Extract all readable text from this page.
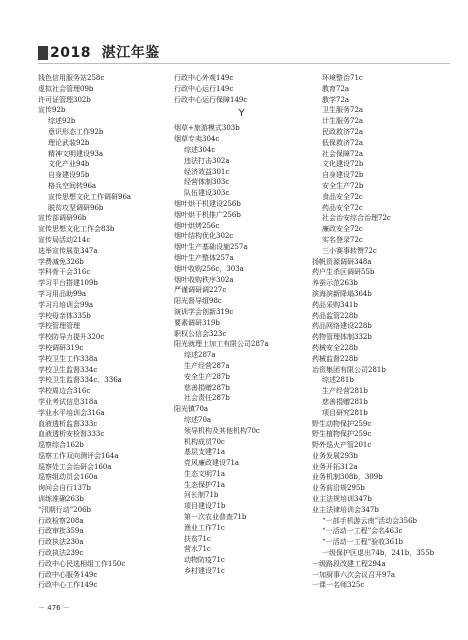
2018 湛江年鉴
钱色信用服务站258c
虚拟社会管理09b
许可证管理302b
宣传92b
综述92b
意识形态工作92b
理论武装92b
精神文明建设93a
文化产业94b
自身建设95b
格兵空间转96a
宣传思想文化工作调研96a
脱贫攻坚调研96b
宣传部调研96b
宣传思想文化工作会83b
宣传局活动214c
选举宣传展览347a
学费减免326b
学科骨干会316c
学习平台搭建109b
学习用品助99a
学习月培训会99a
学校母亲体335b
学校管理管理
学校防导力提升320c
学校调研319c
学校卫生工作338a
学校卫生监督334c
学校卫生监督334c、336a
学校周边合316c
学业考试信息318a
学业水平培训会316a
血液透析监督333c
血液透析安检督333c
巡察综合162b
巡察工作双向测评会164a
巡察处工会治研会160a
巡察组动员会160a
询问会自行137b
训练准确263b
“汛期行动”206b
行政检察208a
行政审批359a
行政执法230a
行政执法239c
行政中心民选相组工作150c
行政中心服务149c
行政中心工作149c
行政中心外观149c
行政中心运行149c
行政中心运行保障149c
Y
烟草+旅游模式303b
烟草专卖304c
综述304c
违法打击302a
经济效益301c
经营体制303c
队伍建设303c
烟叶烘干机建设256b
烟叶烘干机推广256b
烟叶烘烤256c
烟叶结构优化302c
烟叶生产基础设施257a
烟叶生产整体257a
烟叶收购256c，303a
烟叶收购秩序302a
严谨调研调227c
阳光督导组98c
演训学会创新319c
要素调研319b
职权公信会323c
阳光就理上加工有限公司287a
综述287a
生产经营287a
安全生产287b
慈善捐赠287b
社会责任287b
阳光镇70a
综述70a
领导机构及其他机构70c
机构成员70c
基层支建71a
党风廉政建设71a
生态文明71a
生态保护71a
河长制71b
项目建设71b
第一次农业普查71b
渔业工作71c
扶贫71c
营水71c
动物防疫71c
乡村建设71c
环境整治71c
教育72a
教学72a
卫生服务72a
计生服务72a
民政救济72a
低保救济72a
社会保障72a
文化建设72b
自身建设72b
安全生产72b
食品安全72c
药品安全72c
社会治安综合治理72c
廉政安全72c
实名登录72c
三小赛事转赞72c
扬帆资源调研348a
药户生杀区调研55b
养蚕示范263b
滨海滨新降塌364b
药品采购341b
药品监管228b
药品网络建设228b
药物管理体制332b
药械安全228b
药械监督228b
冶资集团有限公司281b
综述281b
生产经营281b
慈善捐赠281b
项目研究281b
野生动物保护259c
野生植物保护259c
野外巡火产管201c
业务发展293b
业务开拓312a
业务机制308b，309b
业务前沿规295b
业主法规培训347b
业主法律培训会347b
“一部手机游云南”活动会356b
“一活动一工程”会名463c
“一活动一工程”验收361b
一级保护区退出74b，241b，355b
一级路段改建工程294a
一加厨事六次会议召开97a
一课一名师325c
－ 476 －
